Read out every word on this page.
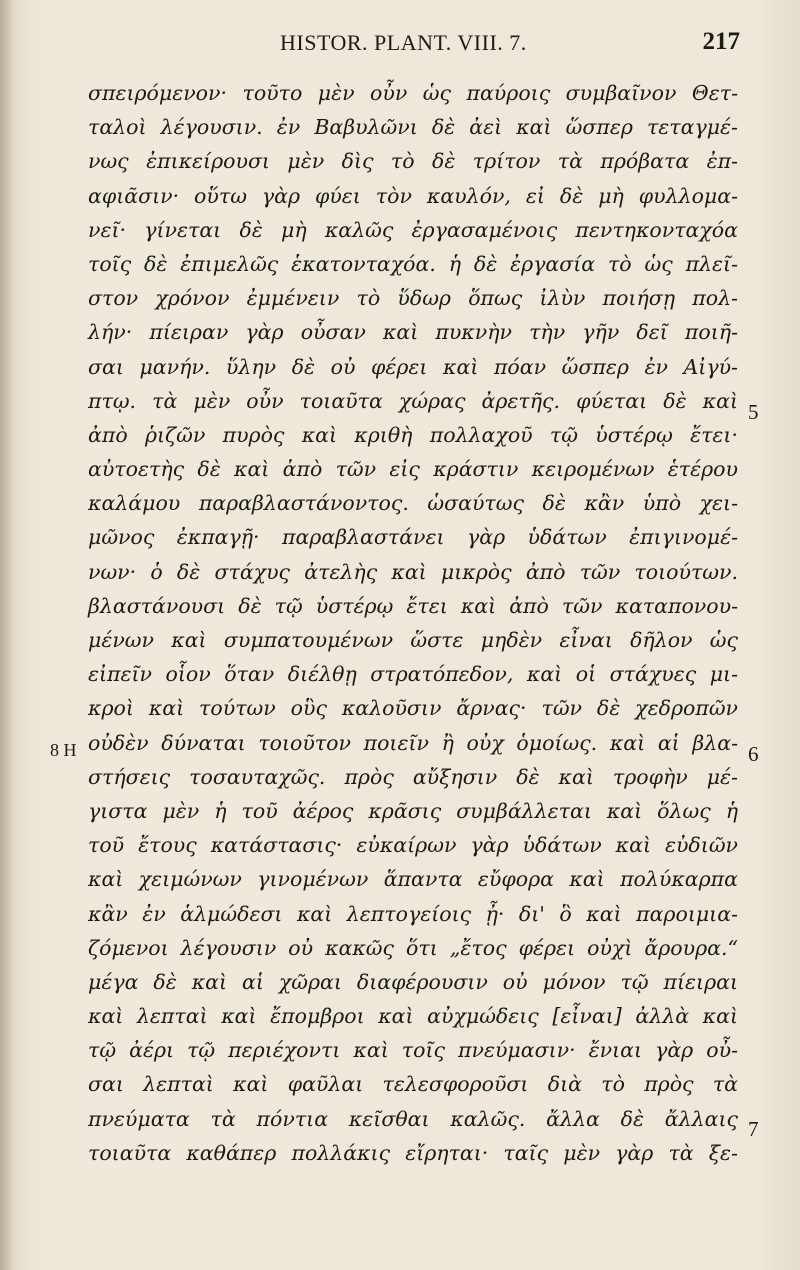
HISTOR. PLANT. VIII. 7.	217
σπειρόμενον· τοῦτο μὲν οὖν ὡς παύροις συμβαῖνον Θετ-
ταλοὶ λέγουσιν. ἐν Βαβυλῶνι δὲ ἀεὶ καὶ ὥσπερ τεταγμέ-
νως ἐπικείρουσι μὲν δὶς τὸ δὲ τρίτον τὰ πρόβατα ἐπ-
αφιᾶσιν· οὕτω γὰρ φύει τὸν καυλόν, εἰ δὲ μὴ φυλλομα-
νεῖ· γίνεται δὲ μὴ καλῶς ἐργασαμένοις πεντηκονταχόα
τοῖς δὲ ἐπιμελῶς ἑκατονταχόα. ἡ δὲ ἐργασία τὸ ὡς πλεῖ-
στον χρόνον ἐμμένειν τὸ ὕδωρ ὅπως ἰλὺν ποιήσῃ πολ-
λήν· πίειραν γὰρ οὖσαν καὶ πυκνὴν τὴν γῆν δεῖ ποιῆ-
σαι μανήν. ὕλην δὲ οὐ φέρει καὶ πόαν ὥσπερ ἐν Αἰγύ-
πτῳ. τὰ μὲν οὖν τοιαῦτα χώρας ἀρετῆς. φύεται δὲ καὶ
ἀπὸ ῥιζῶν πυρὸς καὶ κριθὴ πολλαχοῦ τῷ ὑστέρῳ ἔτει·
αὐτοετὴς δὲ καὶ ἀπὸ τῶν εἰς κράστιν κειρομένων ἑτέρου
καλάμου παραβλαστάνοντος. ὡσαύτως δὲ κἂν ὑπὸ χει-
μῶνος ἐκπαγῇ· παραβλαστάνει γὰρ ὑδάτων ἐπιγινομέ-
νων· ὁ δὲ στάχυς ἀτελὴς καὶ μικρὸς ἀπὸ τῶν τοιούτων.
βλαστάνουσι δὲ τῷ ὑστέρῳ ἔτει καὶ ἀπὸ τῶν καταπονου-
μένων καὶ συμπατουμένων ὥστε μηδὲν εἶναι δῆλον ὡς
εἰπεῖν οἷον ὅταν διέλθῃ στρατόπεδον, καὶ οἱ στάχυες μι-
κροὶ καὶ τούτων οὓς καλοῦσιν ἄρνας· τῶν δὲ χεδροπῶν
οὐδὲν δύναται τοιοῦτον ποιεῖν ἢ οὐχ ὁμοίως. καὶ αἱ βλα-
στήσεις τοσαυταχῶς. πρὸς αὔξησιν δὲ καὶ τροφὴν μέ-
γιστα μὲν ἡ τοῦ ἀέρος κρᾶσις συμβάλλεται καὶ ὅλως ἡ
τοῦ ἔτους κατάστασις· εὐκαίρων γὰρ ὑδάτων καὶ εὐδιῶν
καὶ χειμώνων γινομένων ἅπαντα εὔφορα καὶ πολύκαρπα
κἂν ἐν ἁλμώδεσι καὶ λεπτογείοις ᾖ· δι' ὃ καὶ παροιμια-
ζόμενοι λέγουσιν οὐ κακῶς ὅτι „ἔτος φέρει οὐχὶ ἄρουρα.“
μέγα δὲ καὶ αἱ χῶραι διαφέρουσιν οὐ μόνον τῷ πίειραι
καὶ λεπταὶ καὶ ἔπομβροι καὶ αὐχμώδεις [εἶναι] ἀλλὰ καὶ
τῷ ἀέρι τῷ περιέχοντι καὶ τοῖς πνεύμασιν· ἔνιαι γὰρ οὖ-
σαι λεπταὶ καὶ φαῦλαι τελεσφοροῦσι διὰ τὸ πρὸς τὰ
πνεύματα τὰ πόντια κεῖσθαι καλῶς. ἄλλα δὲ ἄλλαις
τοιαῦτα καθάπερ πολλάκις εἴρηται· ταῖς μὲν γὰρ τὰ ξε-
5
8 H	6
7
